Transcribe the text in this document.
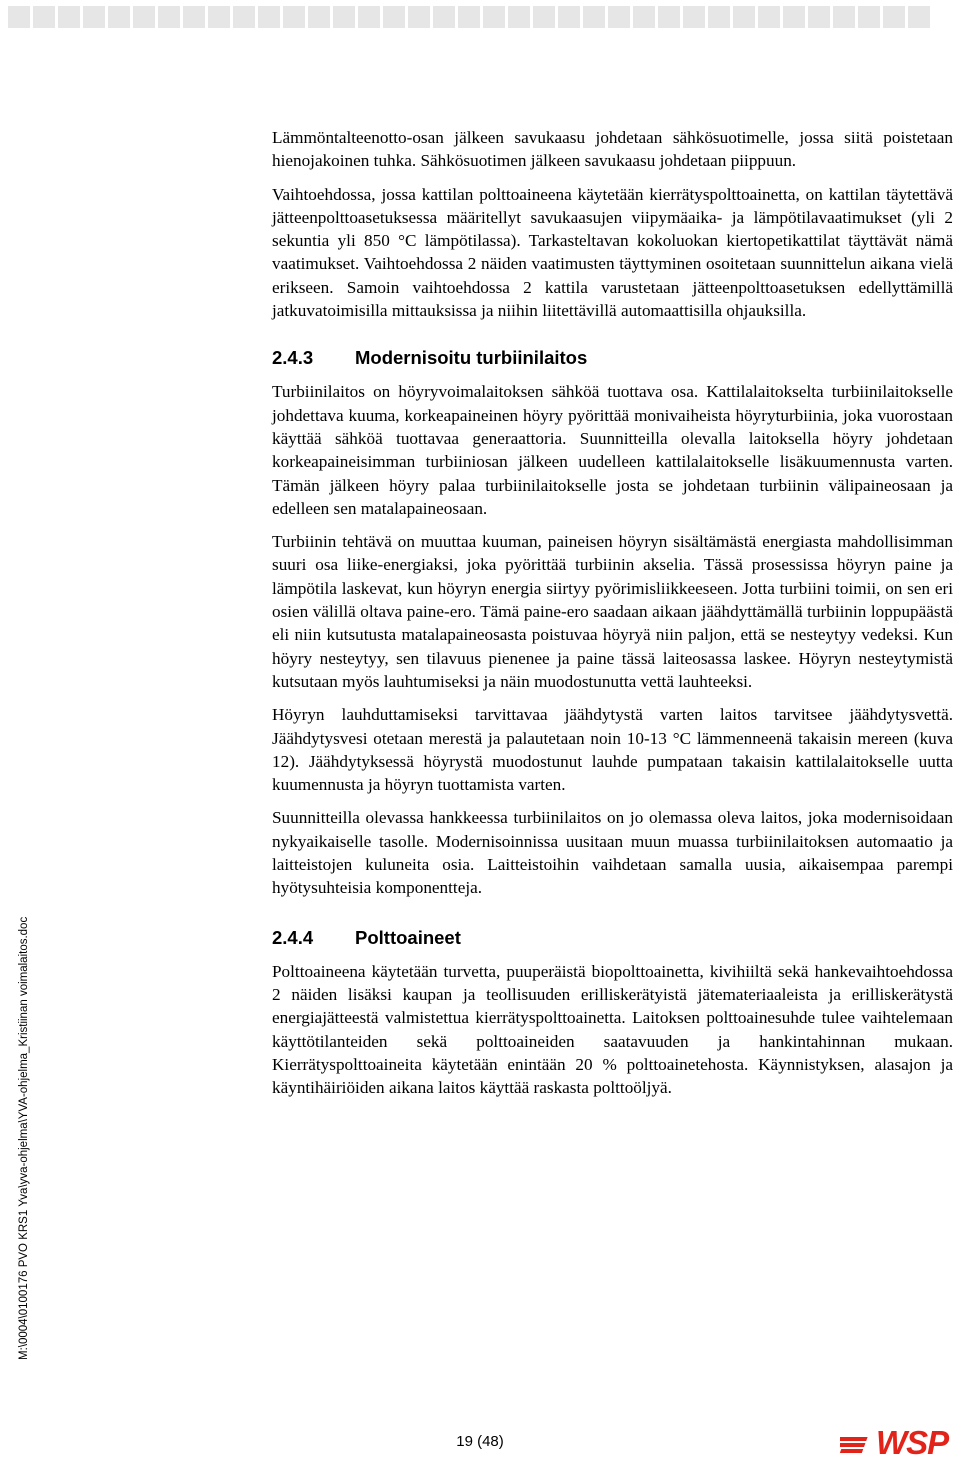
Lämmöntalteenotto-osan jälkeen savukaasu johdetaan sähkösuotimelle, jossa siitä poistetaan hienojakoinen tuhka. Sähkösuotimen jälkeen savukaasu johdetaan piippuun.

Vaihtoehdossa, jossa kattilan polttoaineena käytetään kierrätyspolttoainetta, on kattilan täytettävä jätteenpolttoasetuksessa määritellyt savukaasujen viipymäaika- ja lämpötilavaatimukset (yli 2 sekuntia yli 850 °C lämpötilassa). Tarkasteltavan kokoluokan kiertopetikattilat täyttävät nämä vaatimukset. Vaihtoehdossa 2 näiden vaatimusten täyttyminen osoitetaan suunnittelun aikana vielä erikseen. Samoin vaihtoehdossa 2 kattila varustetaan jätteenpolttoasetuksen edellyttämillä jatkuvatoimisilla mittauksissa ja niihin liitettävillä automaattisilla ohjauksilla.

2.4.3	Modernisoitu turbiinilaitos

Turbiinilaitos on höyryvoimalaitoksen sähköä tuottava osa. Kattilalaitokselta turbiinilaitokselle johdettava kuuma, korkeapaineinen höyry pyörittää monivaiheista höyryturbiinia, joka vuorostaan käyttää sähköä tuottavaa generaattoria. Suunnitteilla olevalla laitoksella höyry johdetaan korkeapaineisimman turbiiniosan jälkeen uudelleen kattilalaitokselle lisäkuumennusta varten. Tämän jälkeen höyry palaa turbiinilaitokselle josta se johdetaan turbiinin välipaineosaan ja edelleen sen matalapaineosaan.

Turbiinin tehtävä on muuttaa kuuman, paineisen höyryn sisältämästä energiasta mahdollisimman suuri osa liike-energiaksi, joka pyörittää turbiinin akselia. Tässä prosessissa höyryn paine ja lämpötila laskevat, kun höyryn energia siirtyy pyörimisliikkeeseen. Jotta turbiini toimii, on sen eri osien välillä oltava paine-ero. Tämä paine-ero saadaan aikaan jäähdyttämällä turbiinin loppupäästä eli niin kutsutusta matalapaineosasta poistuvaa höyryä niin paljon, että se nesteytyy vedeksi. Kun höyry nesteytyy, sen tilavuus pienenee ja paine tässä laiteosassa laskee. Höyryn nesteytymistä kutsutaan myös lauhtumiseksi ja näin muodostunutta vettä lauhteeksi.

Höyryn lauhduttamiseksi tarvittavaa jäähdytystä varten laitos tarvitsee jäähdytysvettä. Jäähdytysvesi otetaan merestä ja palautetaan noin 10-13 °C lämmenneenä takaisin mereen (kuva 12). Jäähdytyksessä höyrystä muodostunut lauhde pumpataan takaisin kattilalaitokselle uutta kuumennusta ja höyryn tuottamista varten.

Suunnitteilla olevassa hankkeessa turbiinilaitos on jo olemassa oleva laitos, joka modernisoidaan nykyaikaiselle tasolle. Modernisoinnissa uusitaan muun muassa turbiinilaitoksen automaatio ja laitteistojen kuluneita osia. Laitteistoihin vaihdetaan samalla uusia, aikaisempaa parempi hyötysuhteisia komponentteja.

2.4.4	Polttoaineet

Polttoaineena käytetään turvetta, puuperäistä biopolttoainetta, kivihiiltä sekä hankevaihtoehdossa 2 näiden lisäksi kaupan ja teollisuuden erilliskerätyistä jätemateriaaleista ja erilliskerätystä energiajätteestä valmistettua kierrätyspolttoainetta. Laitoksen polttoainesuhde tulee vaihtelemaan käyttötilanteiden sekä polttoaineiden saatavuuden ja hankintahinnan mukaan. Kierrätyspolttoaineita käytetään enintään 20 % polttoainetehosta. Käynnistyksen, alasajon ja käyntihäiriöiden aikana laitos käyttää raskasta polttoöljyä.

M:\0004\0100176 PVO KRS1 Yva\yva-ohjelma\YVA-ohjelma_Kristiinan voimalaitos.doc
19 (48)	WSP
